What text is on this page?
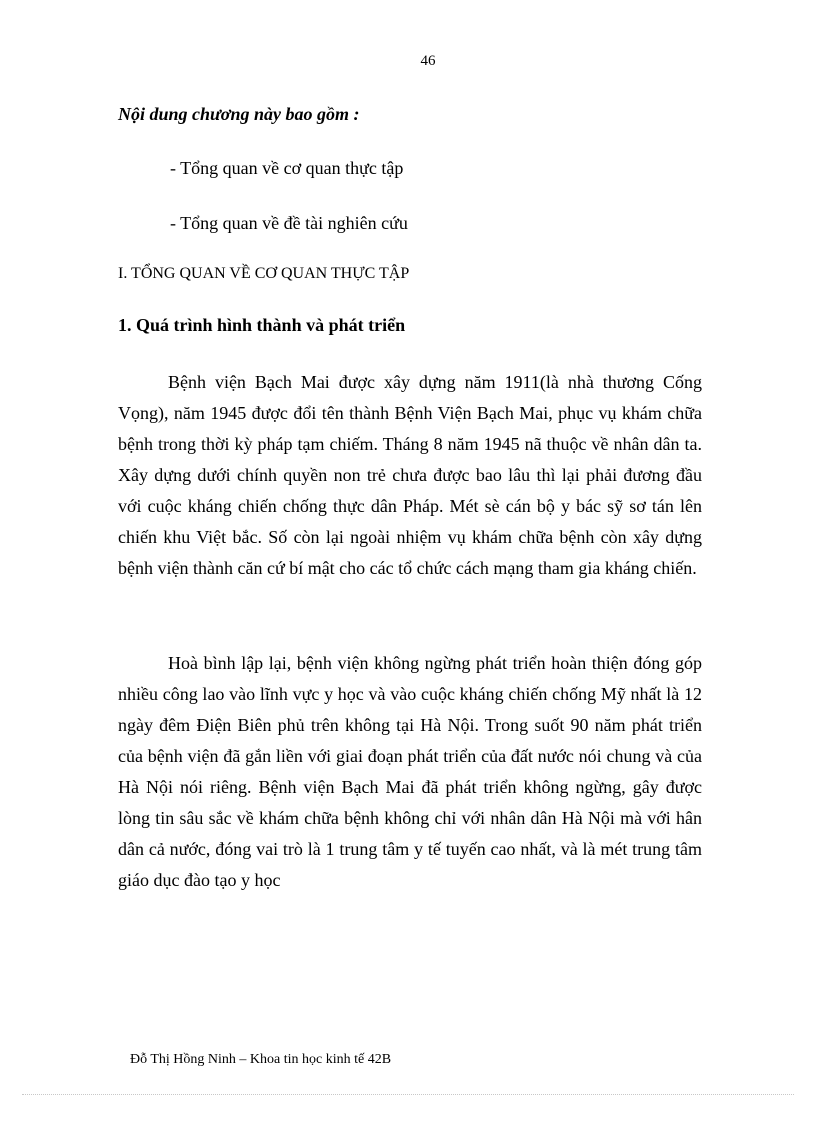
46
Nội dung chương này bao gồm :
- Tổng quan về cơ quan thực tập
- Tổng quan về đề tài nghiên cứu
I. TỔNG QUAN VỀ CƠ QUAN THỰC TẬP
1. Quá trình hình thành và phát triển

Bệnh viện Bạch Mai được xây dựng năm 1911(là nhà thương Cống Vọng), năm 1945 được đổi tên thành Bệnh Viện Bạch Mai, phục vụ khám chữa bệnh trong thời kỳ pháp tạm chiếm. Tháng 8 năm 1945 nã thuộc về nhân dân ta. Xây dựng dưới chính quyền non trẻ chưa được bao lâu thì lại phải đương đầu với cuộc kháng chiến chống thực dân Pháp. Mét sè cán bộ y bác sỹ sơ tán lên chiến khu Việt bắc. Số còn lại ngoài nhiệm vụ khám chữa bệnh còn xây dựng bệnh viện thành căn cứ bí mật cho các tổ chức cách mạng tham gia kháng chiến.

Hoà bình lập lại, bệnh viện không ngừng phát triển hoàn thiện đóng góp nhiều công lao vào lĩnh vực y học và vào cuộc kháng chiến chống Mỹ nhất là 12 ngày đêm Điện Biên phủ trên không tại Hà Nội. Trong suốt 90 năm phát triển của bệnh viện đã gắn liền với giai đoạn phát triển của đất nước nói chung và của Hà Nội nói riêng. Bệnh viện Bạch Mai đã phát triển không ngừng, gây được lòng tin sâu sắc về khám chữa bệnh không chỉ với nhân dân Hà Nội mà với hân dân cả nước, đóng vai trò là 1 trung tâm y tế tuyến cao nhất, và là mét trung tâm giáo dục đào tạo y học

Đỗ Thị Hồng Ninh – Khoa tin học kinh tế 42B
